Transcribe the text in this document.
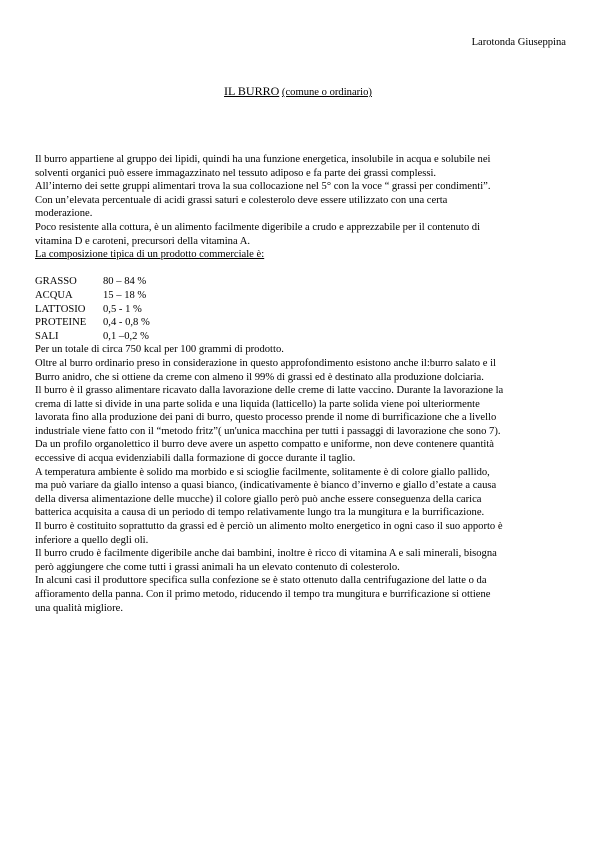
Larotonda Giuseppina
IL BURRO (comune o ordinario)
Il burro appartiene al gruppo dei lipidi, quindi ha una funzione energetica, insolubile in acqua e solubile nei
solventi organici può essere immagazzinato nel tessuto adiposo e fa parte dei grassi complessi.
All’interno dei sette gruppi alimentari trova la sua collocazione nel 5° con la voce “ grassi per condimenti”.
Con un’elevata percentuale di acidi grassi saturi e colesterolo deve essere utilizzato con una certa
moderazione.
Poco resistente alla cottura, è un alimento facilmente digeribile a crudo e apprezzabile per il contenuto di
vitamina D e caroteni, precursori della vitamina A.
La composizione tipica di un prodotto commerciale è:
GRASSO	80 – 84 %
ACQUA	15 – 18 %
LATTOSIO	0,5 - 1 %
PROTEINE	0,4 - 0,8 %
SALI	0,1 –0,2 %
Per un totale di circa 750 kcal per 100 grammi di prodotto.
Oltre al burro ordinario preso in considerazione in questo approfondimento esistono anche il:burro salato e il
Burro anidro, che si ottiene da creme con almeno il 99% di grassi ed è destinato alla produzione dolciaria.
Il burro è il grasso alimentare ricavato dalla lavorazione delle creme di latte vaccino. Durante la lavorazione la
crema di latte si divide in una parte solida e una liquida (latticello) la parte solida viene poi ulteriormente
lavorata fino alla produzione dei pani di burro, questo processo prende il nome di burrificazione che a livello
industriale viene fatto con il “metodo fritz”( un'unica macchina per tutti i passaggi di lavorazione che sono 7).
Da un profilo organolettico il burro deve avere un aspetto compatto e uniforme, non deve contenere quantità
eccessive di acqua evidenziabili dalla formazione di gocce durante il taglio.
A temperatura ambiente è solido ma morbido e si scioglie facilmente, solitamente è di colore giallo pallido,
ma può variare da giallo intenso a quasi bianco, (indicativamente è bianco d’inverno e giallo d’estate a causa
della diversa alimentazione delle mucche) il colore giallo però può anche essere conseguenza della carica
batterica acquisita a causa di un periodo di tempo relativamente lungo tra la mungitura e la burrificazione.
Il burro è costituito soprattutto da grassi ed è perciò un alimento molto energetico in ogni caso il suo apporto è
inferiore a quello degli oli.
Il burro crudo è facilmente digeribile anche dai bambini, inoltre è ricco di vitamina A e sali minerali, bisogna
però aggiungere che come tutti i grassi animali ha un elevato contenuto di colesterolo.
In alcuni casi il produttore specifica sulla confezione se è stato ottenuto dalla centrifugazione del latte o da
affioramento della panna. Con il primo metodo, riducendo il tempo tra mungitura e burrificazione si ottiene
una qualità migliore.
